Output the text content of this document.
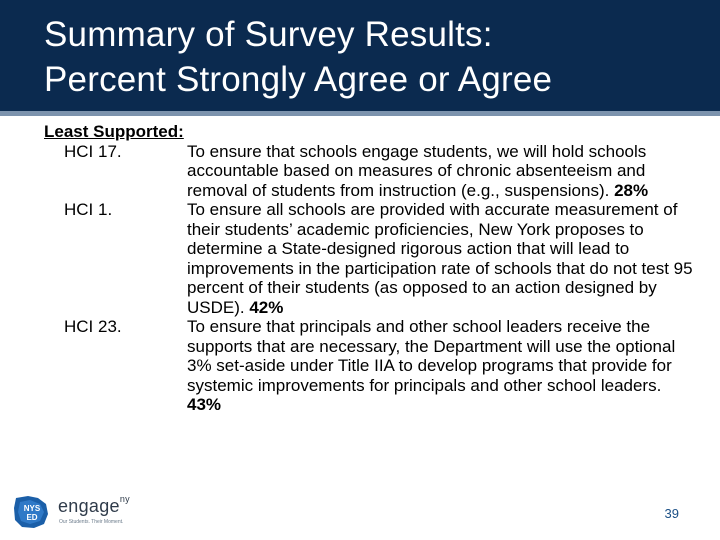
Summary of Survey Results:
Percent Strongly Agree or Agree

Least Supported:

HCI 17.	To ensure that schools engage students, we will hold schools accountable based on measures of chronic absenteeism and removal of students from instruction (e.g., suspensions). 28%
HCI 1.	To ensure all schools are provided with accurate measurement of their students’ academic proficiencies, New York proposes to determine a State-designed rigorous action that will lead to improvements in the participation rate of schools that do not test 95 percent of their students (as opposed to an action designed by USDE). 42%
HCI 23.	To ensure that principals and other school leaders receive the supports that are necessary, the Department will use the optional 3% set-aside under Title IIA to develop programs that provide for systemic improvements for principals and other school leaders. 43%
NYS
ED
engage$^{ny}$
Our Students. Their Moment.
39
